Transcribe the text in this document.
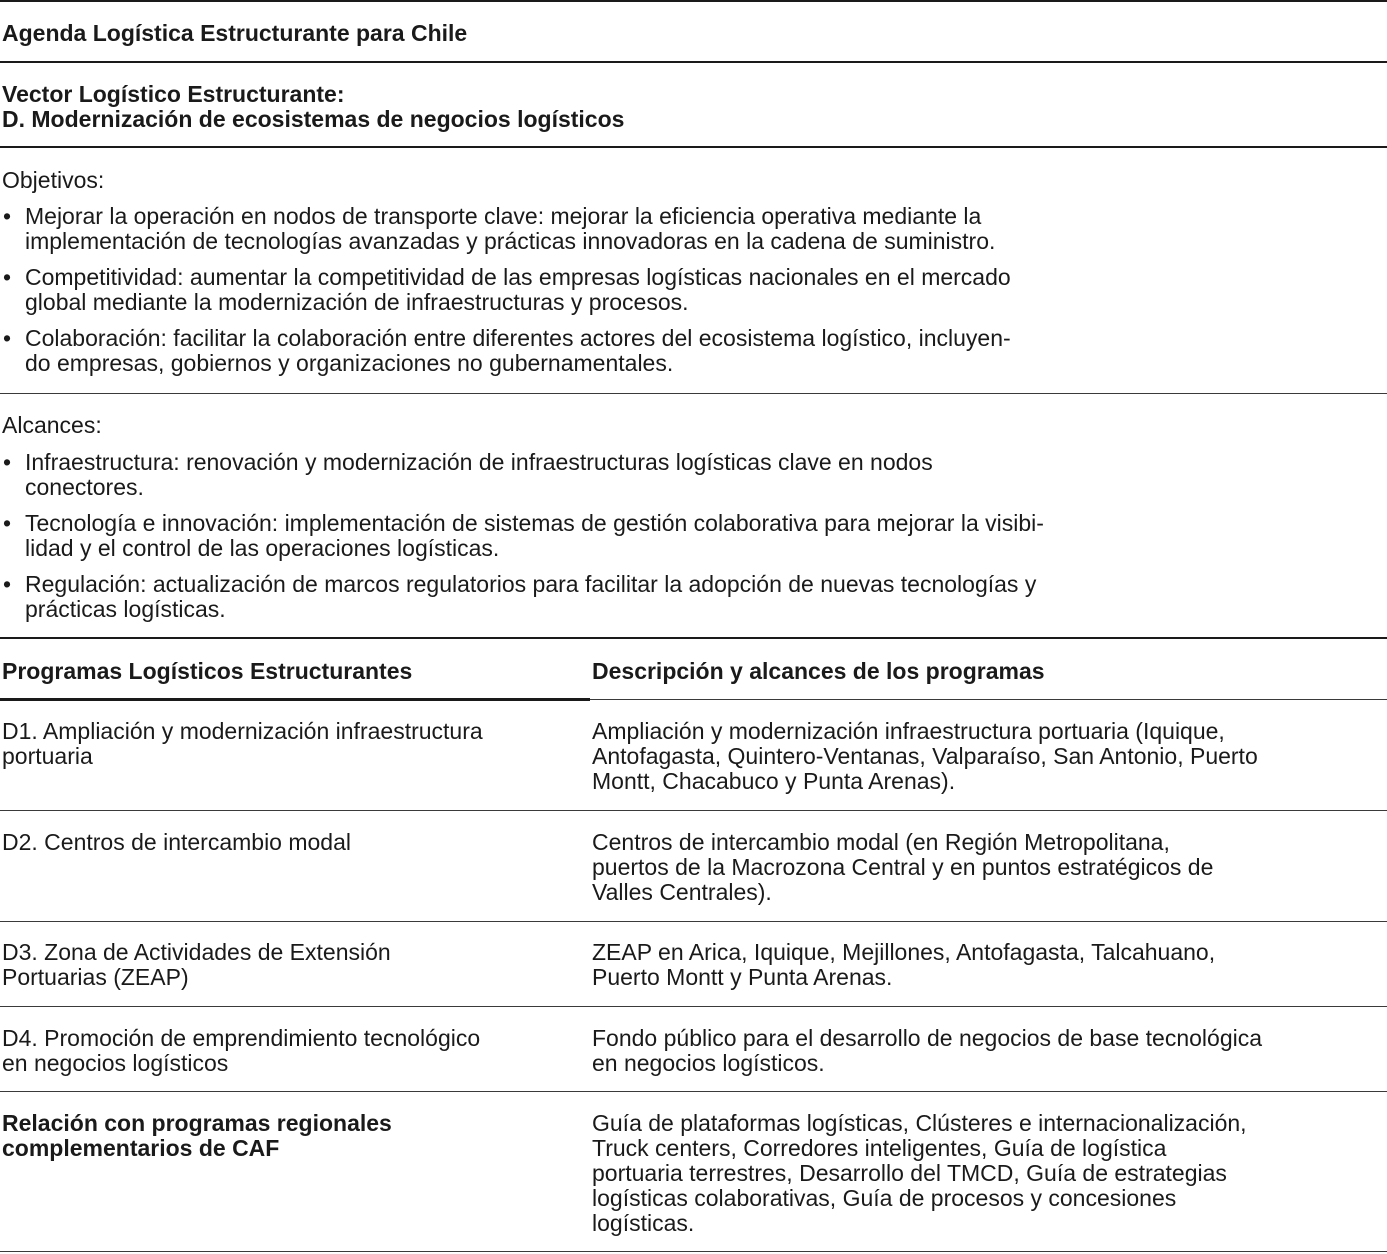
Agenda Logística Estructurante para Chile
Vector Logístico Estructurante:
D. Modernización de ecosistemas de negocios logísticos
Objetivos:
• Mejorar la operación en nodos de transporte clave: mejorar la eficiencia operativa mediante la
implementación de tecnologías avanzadas y prácticas innovadoras en la cadena de suministro.
• Competitividad: aumentar la competitividad de las empresas logísticas nacionales en el mercado
global mediante la modernización de infraestructuras y procesos.
• Colaboración: facilitar la colaboración entre diferentes actores del ecosistema logístico, incluyen-
do empresas, gobiernos y organizaciones no gubernamentales.
Alcances:
• Infraestructura: renovación y modernización de infraestructuras logísticas clave en nodos
conectores.
• Tecnología e innovación: implementación de sistemas de gestión colaborativa para mejorar la visibi-
lidad y el control de las operaciones logísticas.
• Regulación: actualización de marcos regulatorios para facilitar la adopción de nuevas tecnologías y
prácticas logísticas.
Programas Logísticos Estructurantes	Descripción y alcances de los programas
D1. Ampliación y modernización infraestructura
portuaria
Ampliación y modernización infraestructura portuaria (Iquique,
Antofagasta, Quintero-Ventanas, Valparaíso, San Antonio, Puerto
Montt, Chacabuco y Punta Arenas).
D2. Centros de intercambio modal	Centros de intercambio modal (en Región Metropolitana,
puertos de la Macrozona Central y en puntos estratégicos de
Valles Centrales).
D3. Zona de Actividades de Extensión
Portuarias (ZEAP)
ZEAP en Arica, Iquique, Mejillones, Antofagasta, Talcahuano,
Puerto Montt y Punta Arenas.
D4. Promoción de emprendimiento tecnológico
en negocios logísticos
Fondo público para el desarrollo de negocios de base tecnológica
en negocios logísticos.
Relación con programas regionales
complementarios de CAF
Guía de plataformas logísticas, Clústeres e internacionalización,
Truck centers, Corredores inteligentes, Guía de logística
portuaria terrestres, Desarrollo del TMCD, Guía de estrategias
logísticas colaborativas, Guía de procesos y concesiones
logísticas.
